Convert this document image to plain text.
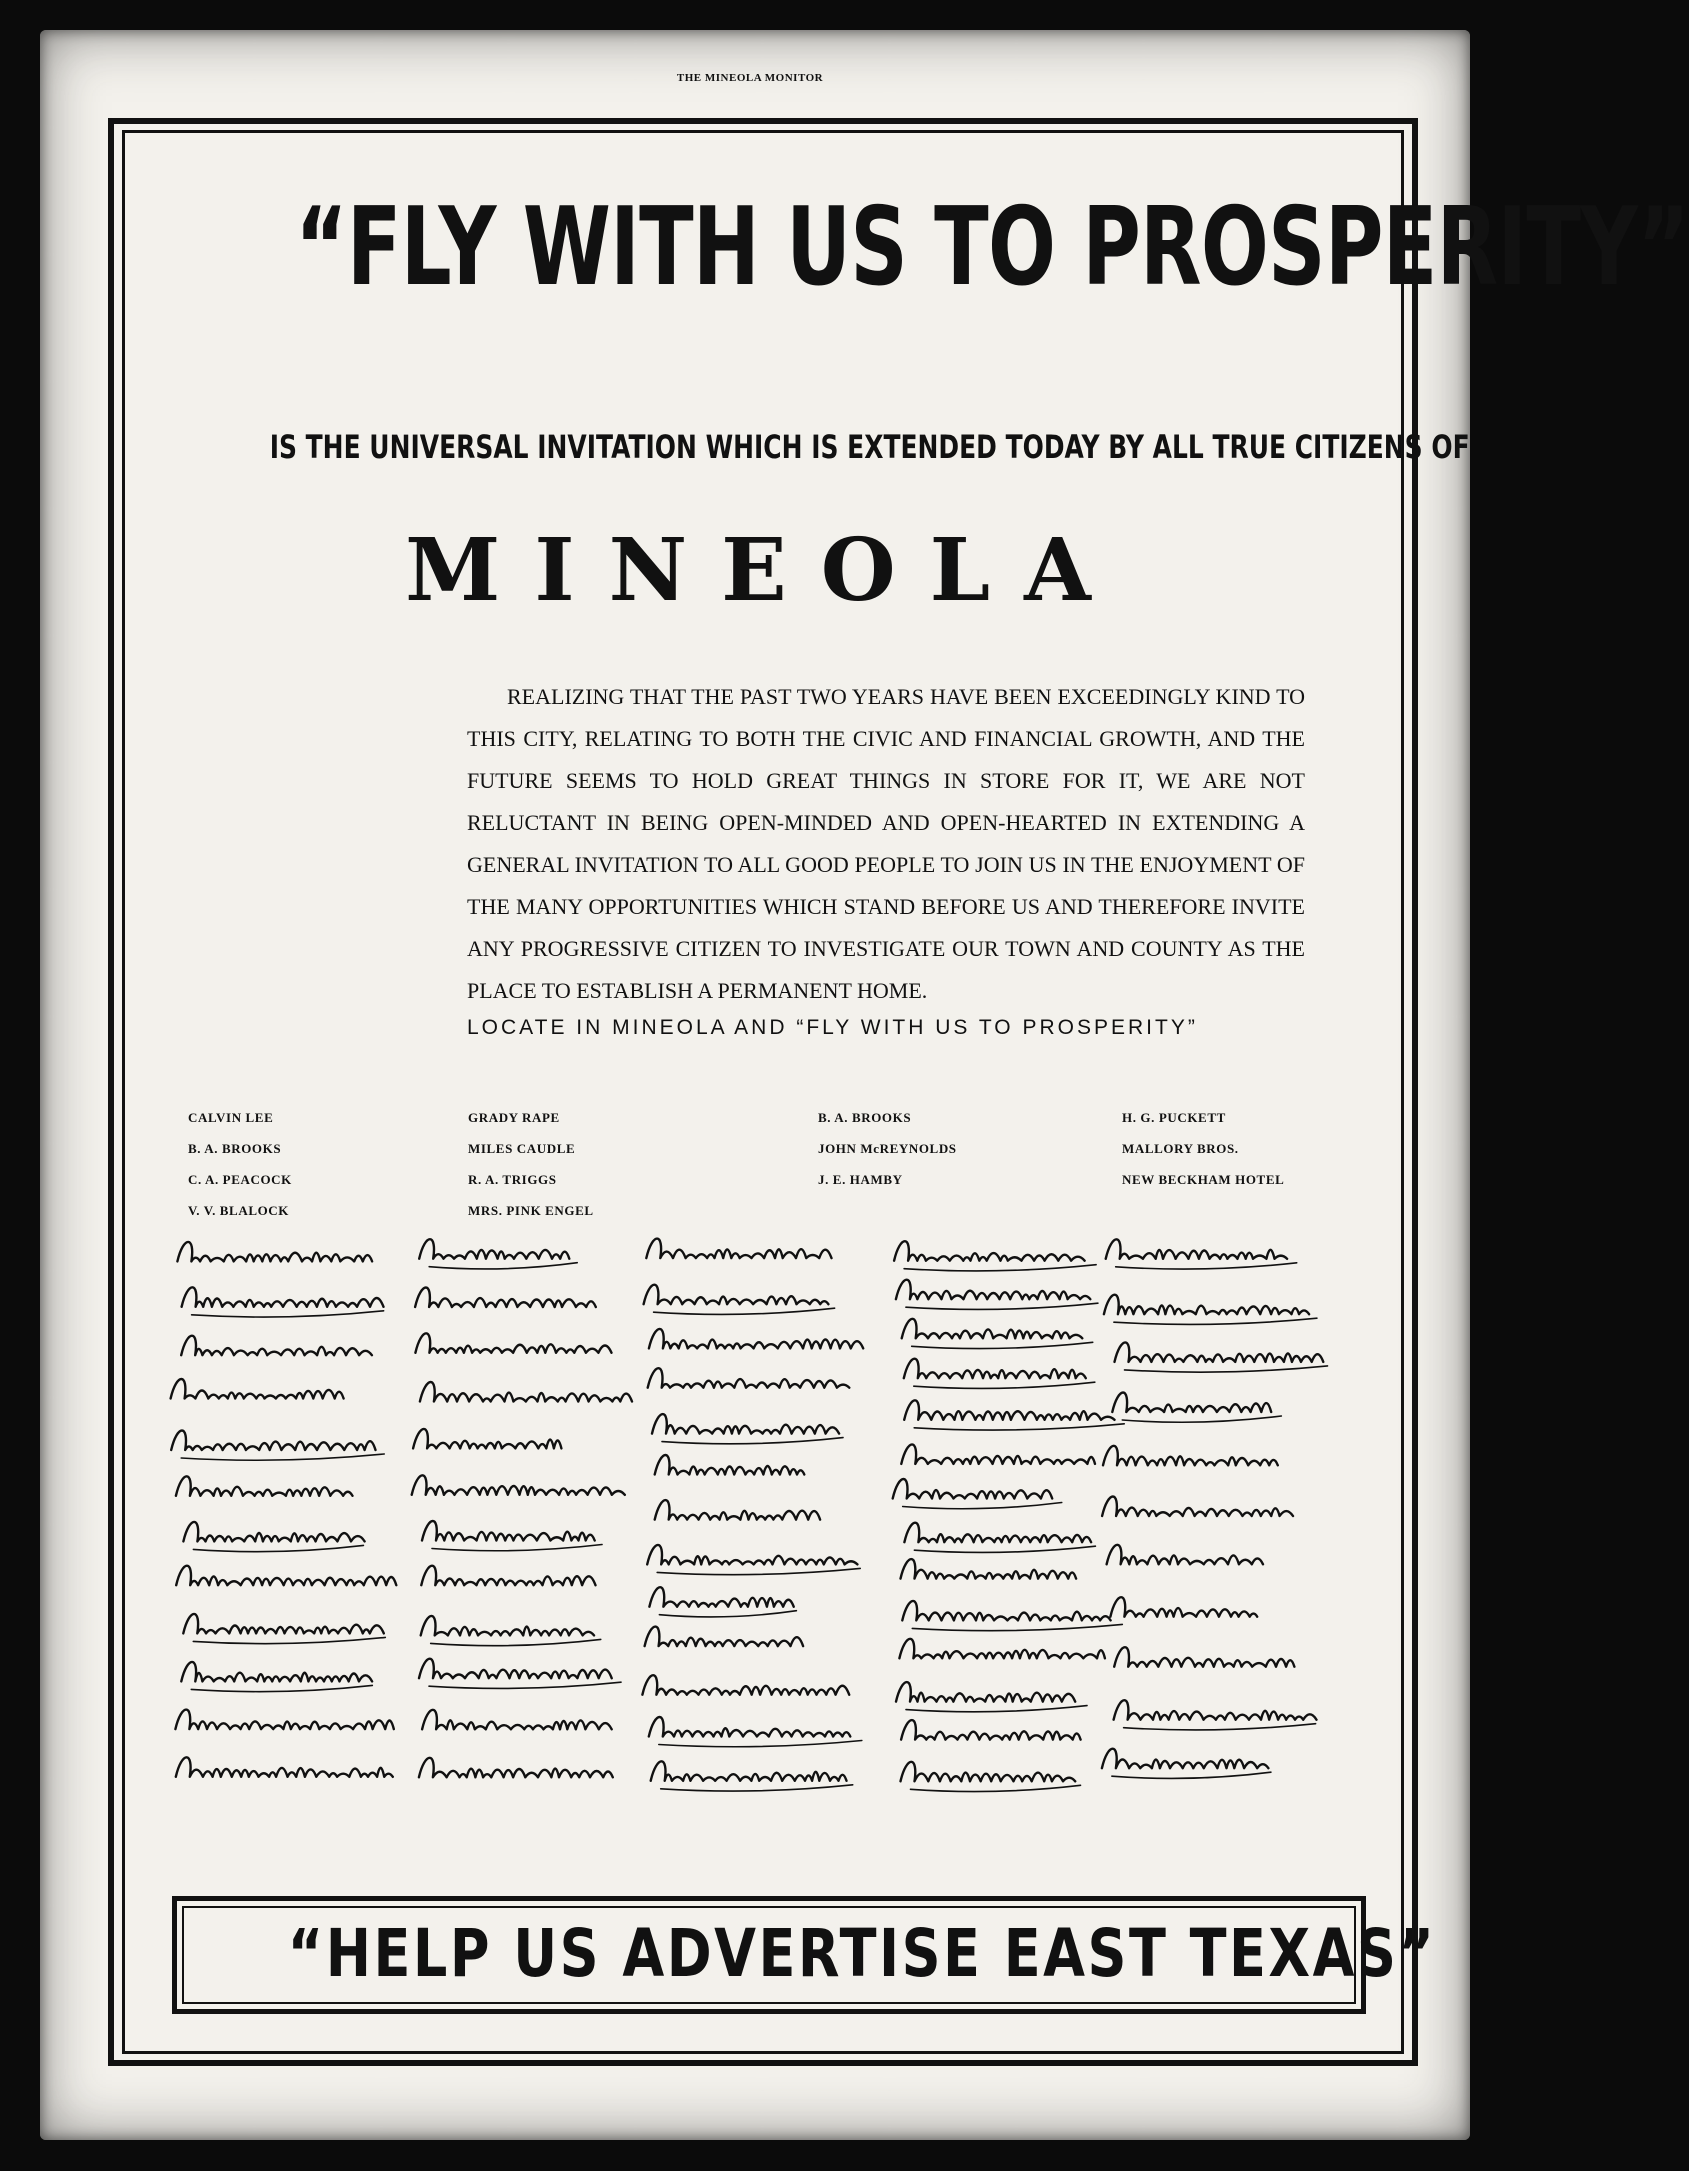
THE MINEOLA MONITOR
“FLY WITH US TO PROSPERITY”
IS THE UNIVERSAL INVITATION WHICH IS EXTENDED TODAY BY ALL TRUE CITIZENS OF
MINEOLA
REALIZING THAT THE PAST TWO YEARS HAVE BEEN EXCEEDINGLY KIND TO THIS CITY, RELATING TO BOTH THE CIVIC AND FINANCIAL GROWTH, AND THE FUTURE SEEMS TO HOLD GREAT THINGS IN STORE FOR IT, WE ARE NOT RELUCTANT IN BEING OPEN-MINDED AND OPEN-HEARTED IN EXTENDING A GENERAL INVITATION TO ALL GOOD PEOPLE TO JOIN US IN THE ENJOYMENT OF THE MANY OPPORTUNITIES WHICH STAND BEFORE US AND THEREFORE INVITE ANY PROGRESSIVE CITIZEN TO INVESTIGATE OUR TOWN AND COUNTY AS THE PLACE TO ESTABLISH A PERMANENT HOME.
LOCATE IN MINEOLA AND “FLY WITH US TO PROSPERITY”
CALVIN LEE
B. A. BROOKS
C. A. PEACOCK
V. V. BLALOCK
GRADY RAPE
MILES CAUDLE
R. A. TRIGGS
MRS. PINK ENGEL
B. A. BROOKS
JOHN McREYNOLDS
J. E. HAMBY
H. G. PUCKETT
MALLORY BROS.
NEW BECKHAM HOTEL
“HELP US ADVERTISE EAST TEXAS”
